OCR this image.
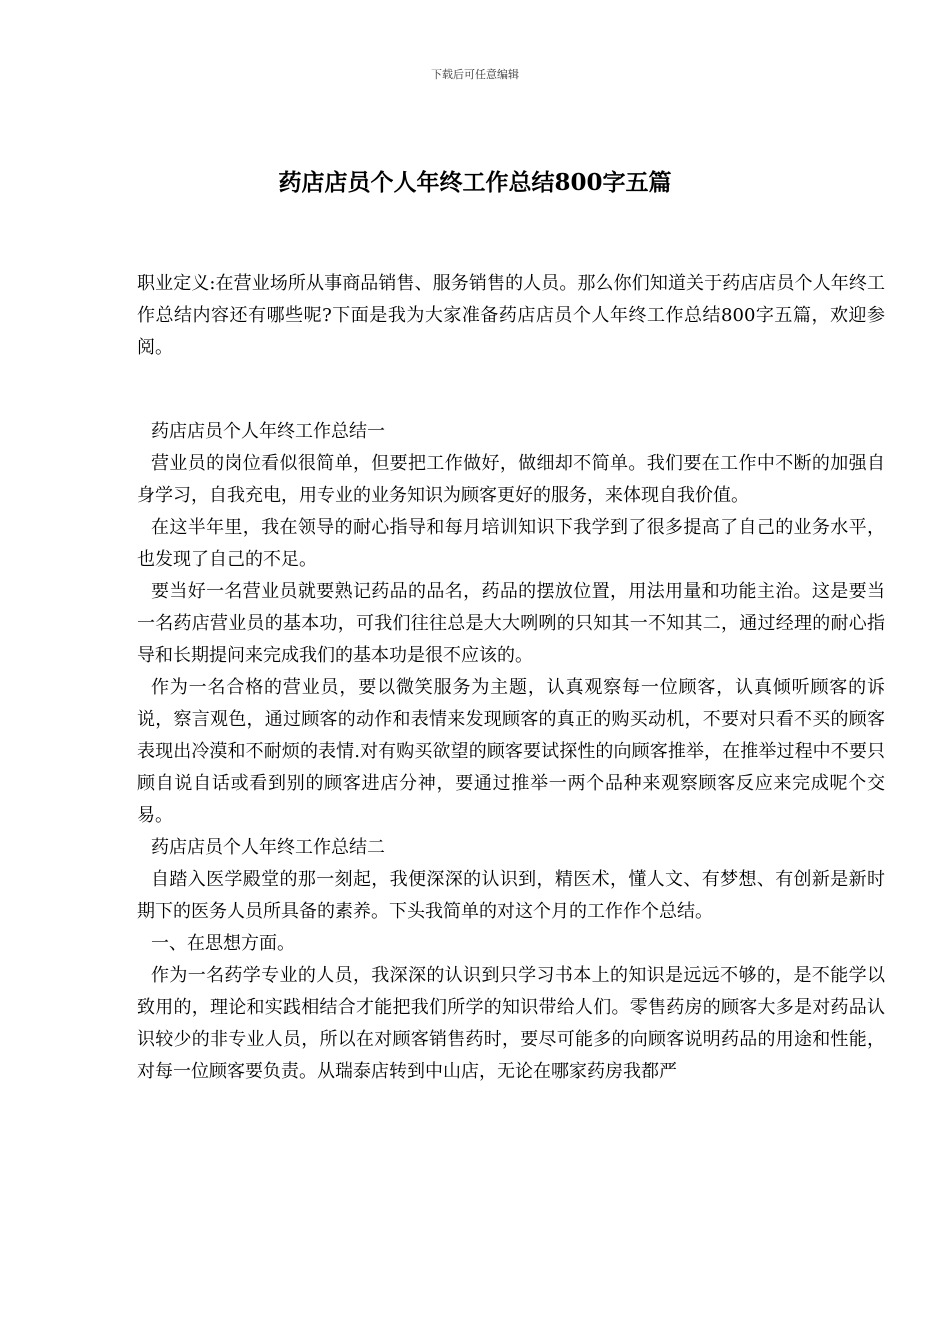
下载后可任意编辑
药店店员个人年终工作总结800字五篇

职业定义:在营业场所从事商品销售、服务销售的人员。那么你们知道关于药店店员个人年终工作总结内容还有哪些呢?下面是我为大家准备药店店员个人年终工作总结800字五篇，欢迎参阅。

药店店员个人年终工作总结一

营业员的岗位看似很简单，但要把工作做好，做细却不简单。我们要在工作中不断的加强自身学习，自我充电，用专业的业务知识为顾客更好的服务，来体现自我价值。

在这半年里，我在领导的耐心指导和每月培训知识下我学到了很多提高了自己的业务水平，也发现了自己的不足。

要当好一名营业员就要熟记药品的品名，药品的摆放位置，用法用量和功能主治。这是要当一名药店营业员的基本功，可我们往往总是大大咧咧的只知其一不知其二，通过经理的耐心指导和长期提问来完成我们的基本功是很不应该的。

作为一名合格的营业员，要以微笑服务为主题，认真观察每一位顾客，认真倾听顾客的诉说，察言观色，通过顾客的动作和表情来发现顾客的真正的购买动机，不要对只看不买的顾客表现出冷漠和不耐烦的表情.对有购买欲望的顾客要试探性的向顾客推举，在推举过程中不要只顾自说自话或看到别的顾客进店分神，要通过推举一两个品种来观察顾客反应来完成呢个交易。

药店店员个人年终工作总结二

自踏入医学殿堂的那一刻起，我便深深的认识到，精医术，懂人文、有梦想、有创新是新时期下的医务人员所具备的素养。下头我简单的对这个月的工作作个总结。

一、在思想方面。

作为一名药学专业的人员，我深深的认识到只学习书本上的知识是远远不够的，是不能学以致用的，理论和实践相结合才能把我们所学的知识带给人们。零售药房的顾客大多是对药品认识较少的非专业人员，所以在对顾客销售药时，要尽可能多的向顾客说明药品的用途和性能，对每一位顾客要负责。从瑞泰店转到中山店，无论在哪家药房我都严
